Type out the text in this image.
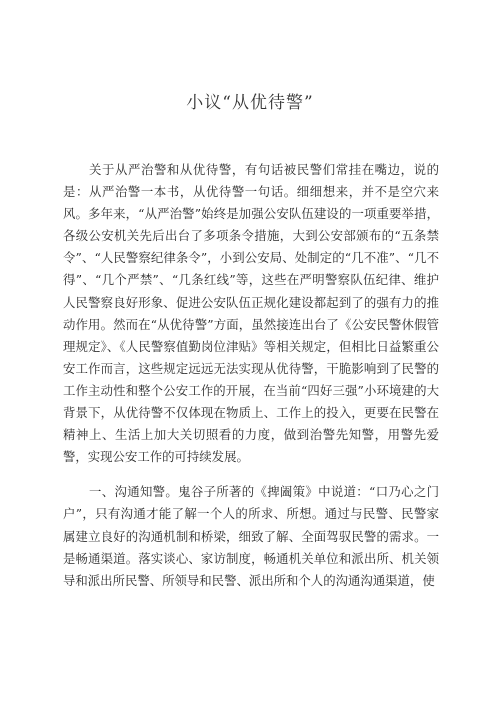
小议“从优待警”

关于从严治警和从优待警，有句话被民警们常挂在嘴边，说的是：从严治警一本书，从优待警一句话。细细想来，并不是空穴来风。多年来，“从严治警”始终是加强公安队伍建设的一项重要举措，各级公安机关先后出台了多项条令措施，大到公安部颁布的“五条禁令”、“人民警察纪律条令”，小到公安局、处制定的“几不准”、“几不得”、“几个严禁”、“几条红线”等，这些在严明警察队伍纪律、维护人民警察良好形象、促进公安队伍正规化建设都起到了的强有力的推动作用。然而在“从优待警”方面，虽然接连出台了《公安民警休假管理规定》、《人民警察值勤岗位津贴》等相关规定，但相比日益繁重公安工作而言，这些规定远远无法实现从优待警，干脆影响到了民警的工作主动性和整个公安工作的开展，在当前“四好三强”小环境建的大背景下，从优待警不仅体现在物质上、工作上的投入，更要在民警在精神上、生活上加大关切照看的力度，做到治警先知警，用警先爱警，实现公安工作的可持续发展。

一、沟通知警。鬼谷子所著的《捭阖策》中说道：“口乃心之门户”，只有沟通才能了解一个人的所求、所想。通过与民警、民警家属建立良好的沟通机制和桥梁，细致了解、全面驾驭民警的需求。一是畅通渠道。落实谈心、家访制度，畅通机关单位和派出所、机关领导和派出所民警、所领导和民警、派出所和个人的沟通沟通渠道，使
